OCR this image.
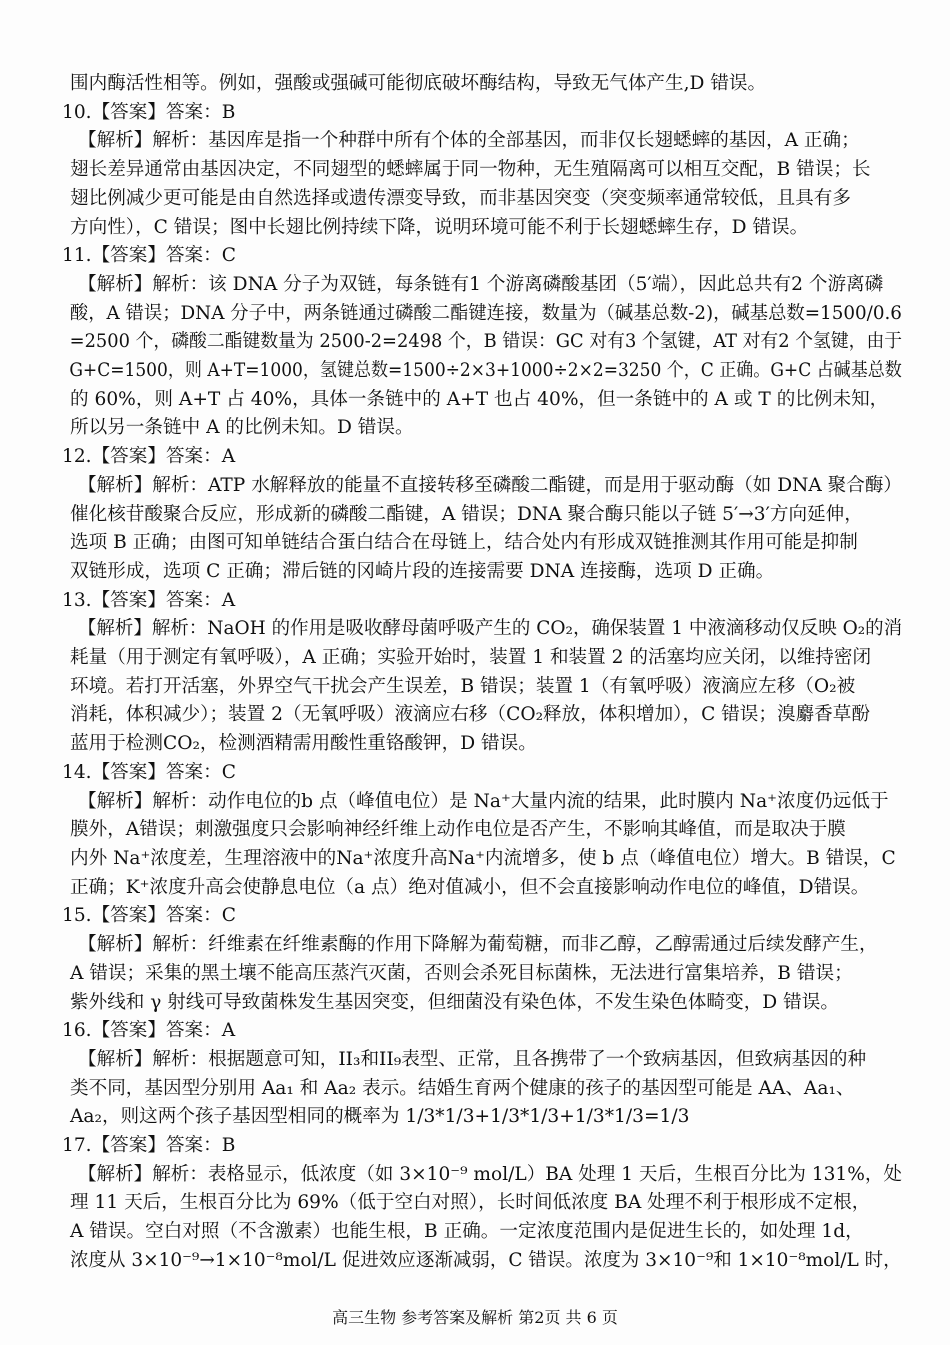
围内酶活性相等。例如，强酸或强碱可能彻底破坏酶结构，导致无气体产生,D 错误。
10.【答案】答案：B
【解析】解析：基因库是指一个种群中所有个体的全部基因，而非仅长翅蟋蟀的基因，A 正确；
翅长差异通常由基因决定，不同翅型的蟋蟀属于同一物种，无生殖隔离可以相互交配，B 错误；长
翅比例减少更可能是由自然选择或遗传漂变导致，而非基因突变（突变频率通常较低，且具有多
方向性），C 错误；图中长翅比例持续下降，说明环境可能不利于长翅蟋蟀生存，D 错误。
11.【答案】答案：C
【解析】解析：该 DNA 分子为双链，每条链有1 个游离磷酸基团（5′端），因此总共有2 个游离磷
酸，A 错误；DNA 分子中，两条链通过磷酸二酯键连接，数量为（碱基总数-2)，碱基总数=1500/0.6
=2500 个，磷酸二酯键数量为 2500-2=2498 个，B 错误：GC 对有3 个氢键，AT 对有2 个氢键，由于
G+C=1500，则 A+T=1000，氢键总数=1500÷2×3+1000÷2×2=3250 个，C 正确。G+C 占碱基总数
的 60%，则 A+T 占 40%，具体一条链中的 A+T 也占 40%，但一条链中的 A 或 T 的比例未知，
所以另一条链中 A 的比例未知。D 错误。
12.【答案】答案：A
【解析】解析：ATP 水解释放的能量不直接转移至磷酸二酯键，而是用于驱动酶（如 DNA 聚合酶）
催化核苷酸聚合反应，形成新的磷酸二酯键，A 错误；DNA 聚合酶只能以子链 5′→3′方向延伸，
选项 B 正确；由图可知单链结合蛋白结合在母链上，结合处内有形成双链推测其作用可能是抑制
双链形成，选项 C 正确；滞后链的冈崎片段的连接需要 DNA 连接酶，选项 D 正确。
13.【答案】答案：A
【解析】解析：NaOH 的作用是吸收酵母菌呼吸产生的 CO₂，确保装置 1 中液滴移动仅反映 O₂的消
耗量（用于测定有氧呼吸），A 正确；实验开始时，装置 1 和装置 2 的活塞均应关闭，以维持密闭
环境。若打开活塞，外界空气干扰会产生误差，B 错误；装置 1（有氧呼吸）液滴应左移（O₂被
消耗，体积减少）；装置 2（无氧呼吸）液滴应右移（CO₂释放，体积增加），C 错误；溴麝香草酚
蓝用于检测CO₂，检测酒精需用酸性重铬酸钾，D 错误。
14.【答案】答案：C
【解析】解析：动作电位的b 点（峰值电位）是 Na⁺大量内流的结果，此时膜内 Na⁺浓度仍远低于
膜外，A错误；刺激强度只会影响神经纤维上动作电位是否产生，不影响其峰值，而是取决于膜
内外 Na⁺浓度差，生理溶液中的Na⁺浓度升高Na⁺内流增多，使 b 点（峰值电位）增大。B 错误，C
正确；K⁺浓度升高会使静息电位（a 点）绝对值减小，但不会直接影响动作电位的峰值，D错误。
15.【答案】答案：C
【解析】解析：纤维素在纤维素酶的作用下降解为葡萄糖，而非乙醇，乙醇需通过后续发酵产生，
A 错误；采集的黑土壤不能高压蒸汽灭菌，否则会杀死目标菌株，无法进行富集培养，B 错误；
紫外线和 γ 射线可导致菌株发生基因突变，但细菌没有染色体，不发生染色体畸变，D 错误。
16.【答案】答案：A
【解析】解析：根据题意可知，II₃和II₉表型、正常，且各携带了一个致病基因，但致病基因的种
类不同，基因型分别用 Aa₁ 和 Aa₂ 表示。结婚生育两个健康的孩子的基因型可能是 AA、Aa₁、
Aa₂，则这两个孩子基因型相同的概率为 1/3*1/3+1/3*1/3+1/3*1/3=1/3
17.【答案】答案：B
【解析】解析：表格显示，低浓度（如 3×10⁻⁹ mol/L）BA 处理 1 天后，生根百分比为 131%，处
理 11 天后，生根百分比为 69%（低于空白对照），长时间低浓度 BA 处理不利于根形成不定根，
A 错误。空白对照（不含激素）也能生根，B 正确。一定浓度范围内是促进生长的，如处理 1d，
浓度从 3×10⁻⁹→1×10⁻⁸mol/L 促进效应逐渐减弱，C 错误。浓度为 3×10⁻⁹和 1×10⁻⁸mol/L 时，
高三生物 参考答案及解析 第2页 共 6 页
